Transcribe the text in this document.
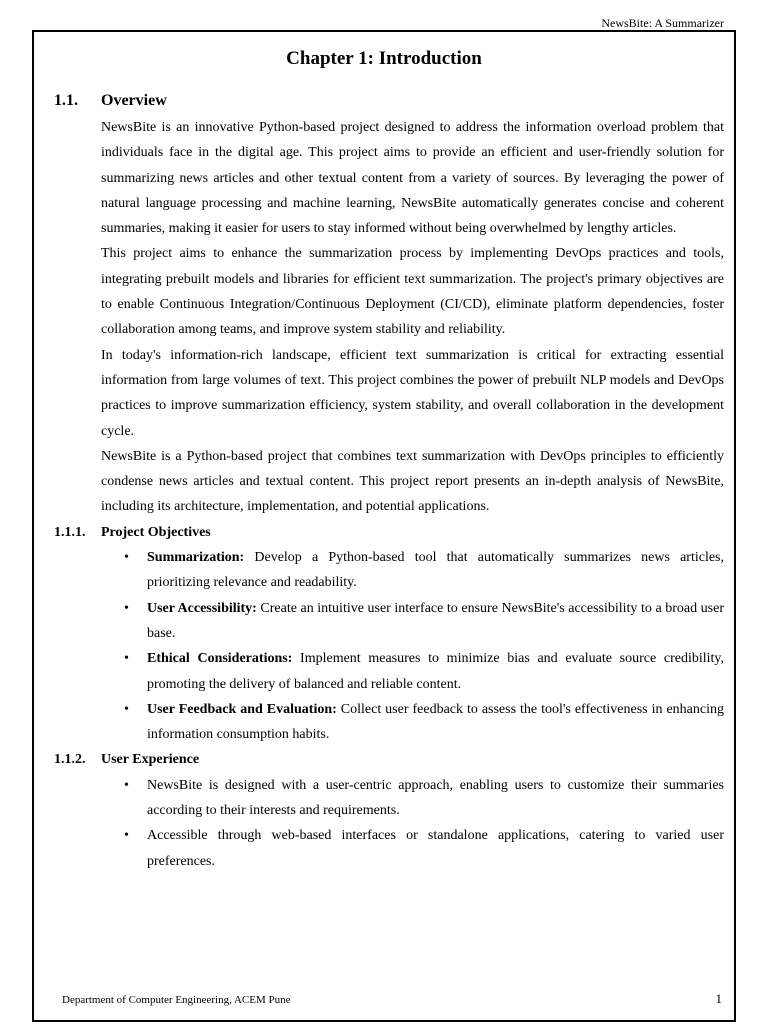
NewsBite: A Summarizer
Chapter 1: Introduction
1.1.	Overview

NewsBite is an innovative Python-based project designed to address the information overload problem that individuals face in the digital age. This project aims to provide an efficient and user-friendly solution for summarizing news articles and other textual content from a variety of sources. By leveraging the power of natural language processing and machine learning, NewsBite automatically generates concise and coherent summaries, making it easier for users to stay informed without being overwhelmed by lengthy articles.

This project aims to enhance the summarization process by implementing DevOps practices and tools, integrating prebuilt models and libraries for efficient text summarization. The project's primary objectives are to enable Continuous Integration/Continuous Deployment (CI/CD), eliminate platform dependencies, foster collaboration among teams, and improve system stability and reliability.

In today's information-rich landscape, efficient text summarization is critical for extracting essential information from large volumes of text. This project combines the power of prebuilt NLP models and DevOps practices to improve summarization efficiency, system stability, and overall collaboration in the development cycle.

NewsBite is a Python-based project that combines text summarization with DevOps principles to efficiently condense news articles and textual content. This project report presents an in-depth analysis of NewsBite, including its architecture, implementation, and potential applications.

1.1.1.	Project Objectives
• Summarization: Develop a Python-based tool that automatically summarizes news articles, prioritizing relevance and readability.
• User Accessibility: Create an intuitive user interface to ensure NewsBite's accessibility to a broad user base.
• Ethical Considerations: Implement measures to minimize bias and evaluate source credibility, promoting the delivery of balanced and reliable content.
• User Feedback and Evaluation: Collect user feedback to assess the tool's effectiveness in enhancing information consumption habits.
1.1.2.	User Experience
• NewsBite is designed with a user-centric approach, enabling users to customize their summaries according to their interests and requirements.
• Accessible through web-based interfaces or standalone applications, catering to varied user preferences.
Department of Computer Engineering, ACEM Pune	1
